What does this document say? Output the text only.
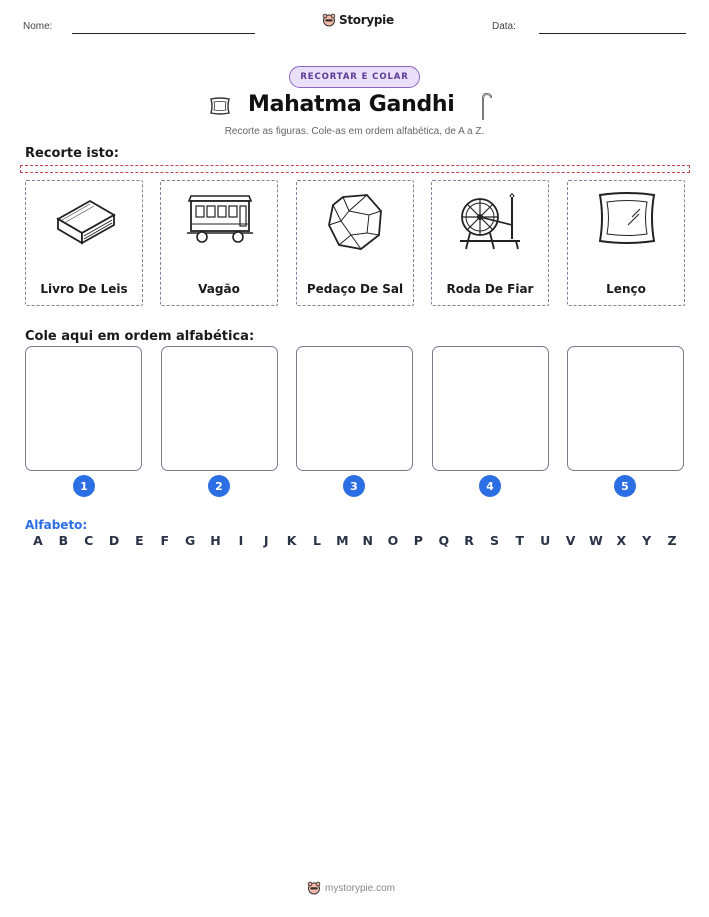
Nome:	Storypie	Data:
RECORTAR E COLAR
Mahatma Gandhi
Recorte as figuras. Cole-as em ordem alfabética, de A a Z.
Recorte isto:
Livro De Leis	Vagão	Pedaço De Sal	Roda De Fiar	Lenço
Cole aqui em ordem alfabética:
1	2	3	4	5
Alfabeto:
A	B	C	D	E	F	G	H	I	J	K	L	M	N	O	P	Q	R	S	T	U	V	W	X	Y	Z
mystorypie.com
